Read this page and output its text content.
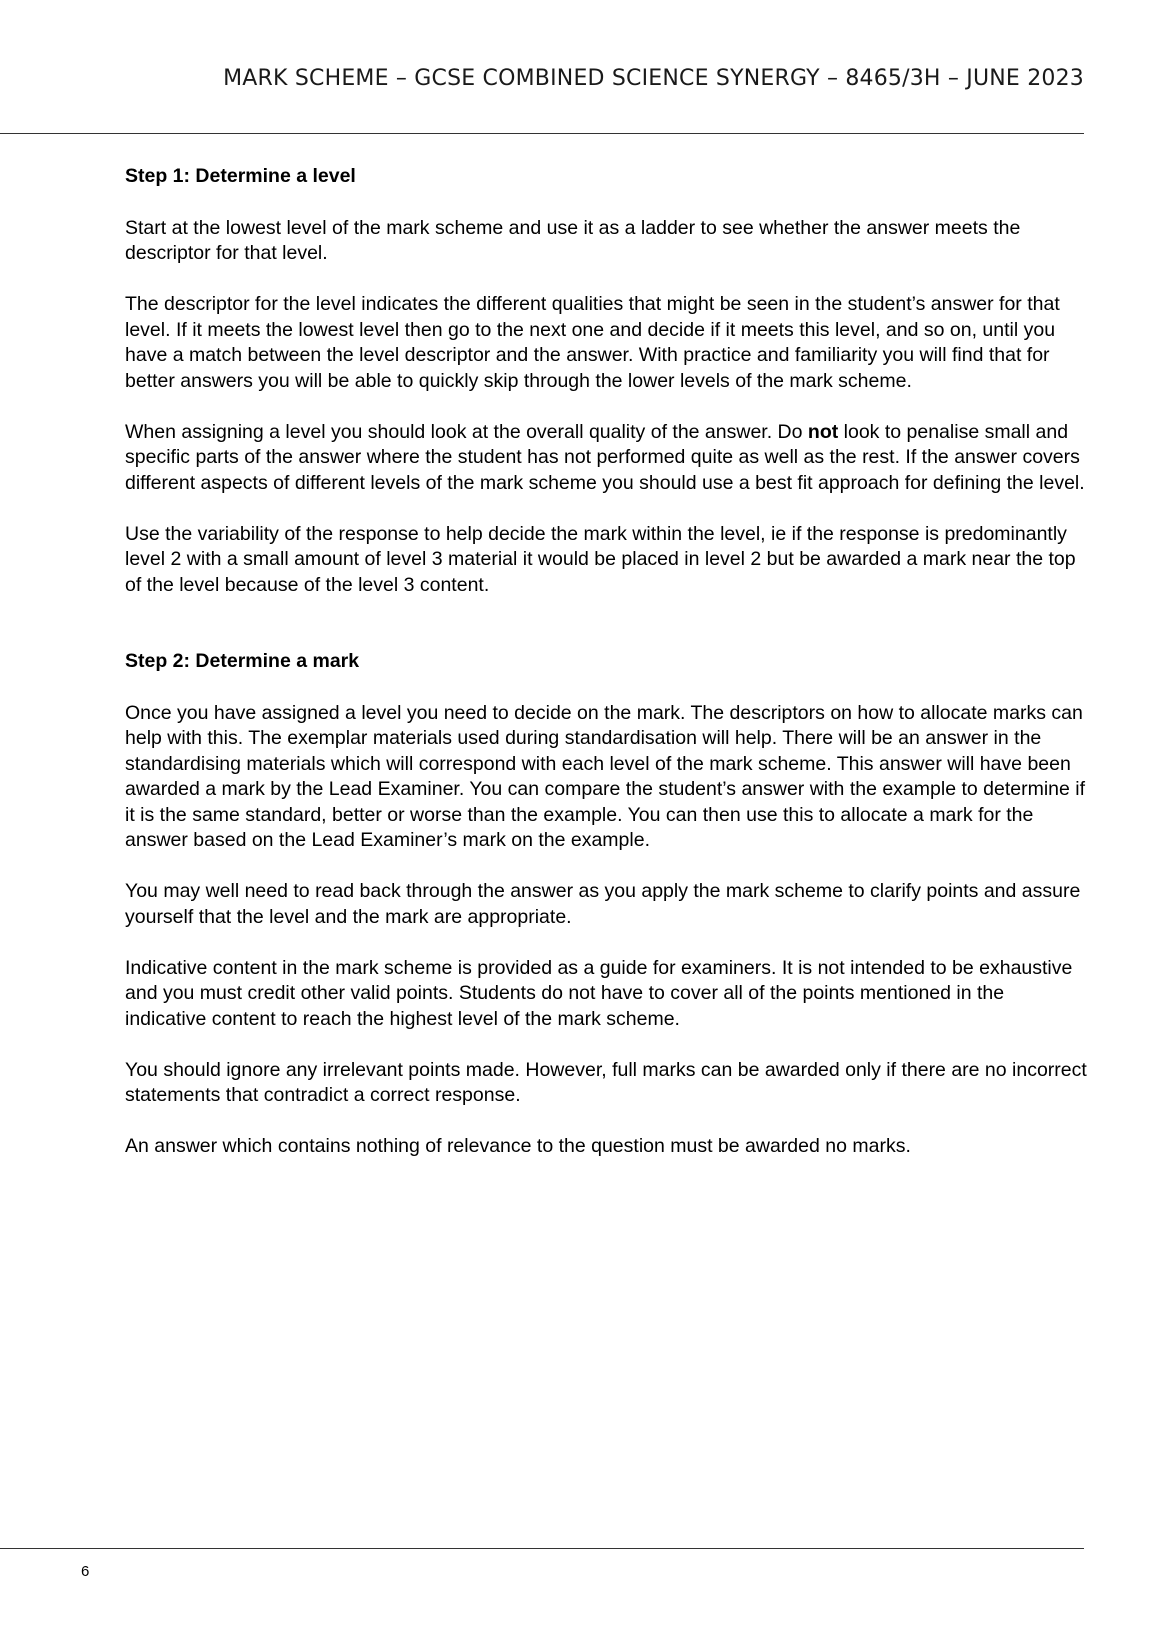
MARK SCHEME – GCSE COMBINED SCIENCE SYNERGY – 8465/3H – JUNE 2023
Step 1: Determine a level

Start at the lowest level of the mark scheme and use it as a ladder to see whether the answer meets the descriptor for that level.

The descriptor for the level indicates the different qualities that might be seen in the student’s answer for that level. If it meets the lowest level then go to the next one and decide if it meets this level, and so on, until you have a match between the level descriptor and the answer. With practice and familiarity you will find that for better answers you will be able to quickly skip through the lower levels of the mark scheme.

When assigning a level you should look at the overall quality of the answer. Do not look to penalise small and specific parts of the answer where the student has not performed quite as well as the rest. If the answer covers different aspects of different levels of the mark scheme you should use a best fit approach for defining the level.

Use the variability of the response to help decide the mark within the level, ie if the response is predominantly level 2 with a small amount of level 3 material it would be placed in level 2 but be awarded a mark near the top of the level because of the level 3 content.

Step 2: Determine a mark

Once you have assigned a level you need to decide on the mark. The descriptors on how to allocate marks can help with this. The exemplar materials used during standardisation will help. There will be an answer in the standardising materials which will correspond with each level of the mark scheme. This answer will have been awarded a mark by the Lead Examiner. You can compare the student’s answer with the example to determine if it is the same standard, better or worse than the example. You can then use this to allocate a mark for the answer based on the Lead Examiner’s mark on the example.

You may well need to read back through the answer as you apply the mark scheme to clarify points and assure yourself that the level and the mark are appropriate.

Indicative content in the mark scheme is provided as a guide for examiners. It is not intended to be exhaustive and you must credit other valid points. Students do not have to cover all of the points mentioned in the indicative content to reach the highest level of the mark scheme.

You should ignore any irrelevant points made. However, full marks can be awarded only if there are no incorrect statements that contradict a correct response.

An answer which contains nothing of relevance to the question must be awarded no marks.

6
